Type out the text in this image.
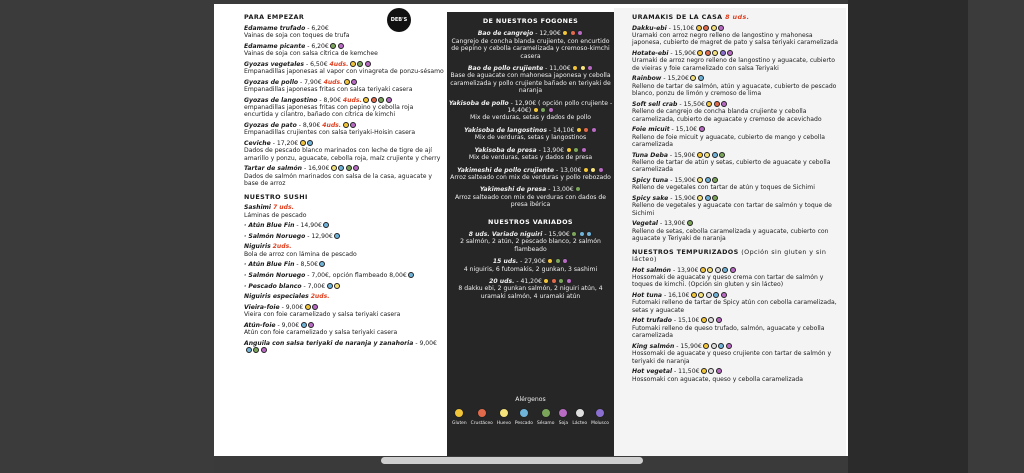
PARA EMPEZAR
Edamame trufado - 6,20€
Vainas de soja con toques de trufa
Edamame picante - 6,20€
Vainas de soja con salsa cítrica de kemchee
Gyozas vegetales - 6,50€ 4uds.
Empanadillas japonesas al vapor con vinagreta de ponzu-sésamo
Gyozas de pollo - 7,90€ 4uds.
Empanadillas japonesas fritas con salsa teriyaki casera
Gyozas de langostino - 8,90€ 4uds.
empanadillas japonesas fritas con pepino y cebolla roja encurtida y cilantro, bañado con cítrica de kimchi
Gyozas de pato - 8,90€ 4uds.
Empanadillas crujientes con salsa teriyaki-Hoisin casera
Ceviche - 17,20€
Dados de pescado blanco marinados con leche de tigre de ají amarillo y ponzu, aguacate, cebolla roja, maíz crujiente y cherry
Tartar de salmón - 16,90€
Dados de salmón marinados con salsa de la casa, aguacate y base de arroz
NUESTRO SUSHI
Sashimi 7 uds.
Láminas de pescado
· Atún Blue Fin - 14,90€
· Salmón Noruego - 12,90€
Niguiris 2uds.
Bola de arroz con lámina de pescado
· Atún Blue Fin - 8,50€
· Salmón Noruego - 7,00€, opción flambeado 8,00€
· Pescado blanco - 7,00€
Niguiris especiales 2uds.
Vieira-foie - 9,00€
Vieira con foie caramelizado y salsa teriyaki casera
Atún-foie - 9,00€
Atún con foie caramelizado y salsa teriyaki casera
Anguila con salsa teriyaki de naranja y zanahoria - 9,00€
DEB'S	DE NUESTROS FOGONES
Bao de cangrejo - 12,90€
Cangrejo de concha blanda crujiente, con encurtido de pepino y cebolla caramelizada y cremoso-kimchi casera
Bao de pollo crujiente - 11,00€
Base de aguacate con mahonesa japonesa y cebolla caramelizada y pollo crujiente bañado en teriyaki de naranja
Yakisoba de pollo - 12,90€ ( opción pollo crujiente - 14,40€)
Mix de verduras, setas y dados de pollo
Yakisoba de langostinos - 14,10€
Mix de verduras, setas y langostinos
Yakisoba de presa - 13,90€
Mix de verduras, setas y dados de presa
Yakimeshi de pollo crujiente - 13,00€
Arroz salteado con mix de verduras y pollo rebozado
Yakimeshi de presa - 13,00€
Arroz salteado con mix de verduras con dados de presa ibérica
NUESTROS VARIADOS
8 uds. Variado niguiri - 15,90€
2 salmón, 2 atún, 2 pescado blanco, 2 salmón flambeado
15 uds. - 27,90€
4 niguiris, 6 futomakis, 2 gunkan, 3 sashimi
20 uds. - 41,20€
8 dakku ebi, 2 gunkan salmón, 2 niguiri atún, 4 uramaki salmón, 4 uramaki atún
Alérgenos
Gluten Crustáceo Huevo Pescado Sésamo Soja Lácteo Molusco
URAMAKIS DE LA CASA 8 uds.
Dakku-ebi - 15,10€
Uramaki con arroz negro relleno de langostino y mahonesa japonesa, cubierto de magret de pato y salsa teriyaki caramelizada
Hotate-ebi - 15,90€
Uramaki de arroz negro relleno de langostino y aguacate, cubierto de vieiras y foie caramelizado con salsa Teriyaki
Rainbow - 15,20€
Relleno de tartar de salmón, atún y aguacate, cubierto de pescado blanco, ponzu de limón y cremoso de lima
Soft sell crab - 15,50€
Relleno de cangrejo de concha blanda crujiente y cebolla caramelizada, cubierto de aguacate y cremoso de acevichado
Foie micuit - 15,10€
Relleno de foie micuit y aguacate, cubierto de mango y cebolla caramelizada
Tuna Deba - 15,90€
Relleno de tartar de atún y setas, cubierto de aguacate y cebolla caramelizada
Spicy tuna - 15,90€
Relleno de vegetales con tartar de atún y toques de Sichimi
Spicy sake - 15,90€
Relleno de vegetales y aguacate con tartar de salmón y toque de Sichimi
Vegetal - 13,90€
Relleno de setas, cebolla caramelizada y aguacate, cubierto con aguacate y Teriyaki de naranja
NUESTROS TEMPURIZADOS (Opción sin gluten y sin lácteo)
Hot salmón - 13,90€
Hossomaki de aguacate y queso crema con tartar de salmón y toques de kimchi. (Opción sin gluten y sin lácteo)
Hot tuna - 16,10€
Futomaki relleno de tartar de Spicy atún con cebolla caramelizada, setas y aguacate
Hot trufado - 15,10€
Futomaki relleno de queso trufado, salmón, aguacate y cebolla caramelizada
King salmón - 15,90€
Hossomaki de aguacate y queso crujiente con tartar de salmón y teriyaki de naranja
Hot vegetal - 11,50€
Hossomaki con aguacate, queso y cebolla caramelizada
